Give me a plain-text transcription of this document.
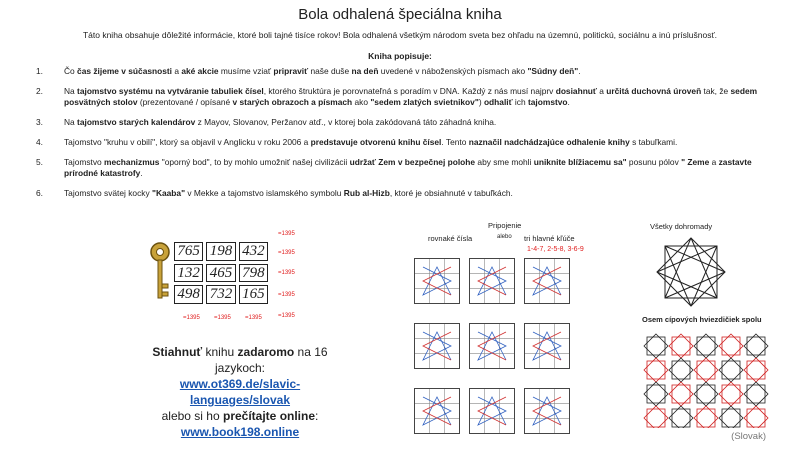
Bola odhalená špeciálna kniha
Táto kniha obsahuje dôležité informácie, ktoré boli tajné tisíce rokov! Bola odhalená všetkým národom sveta bez ohľadu na územnú, politickú, sociálnu a inú príslušnosť.
Kniha popisuje:
1.	Čo čas žijeme v súčasnosti a aké akcie musíme vziať pripraviť naše duše na deň uvedené v náboženských písmach ako "Súdny deň".
2.	Na tajomstvo systému na vytváranie tabuliek čísel, ktorého štruktúra je porovnateľná s poradím v DNA. Každý z nás musí najprv dosiahnuť a určitá duchovná úroveň tak, že sedem posvätných stolov (prezentované / opísané v starých obrazoch a písmach ako "sedem zlatých svietnikov") odhaliť ich tajomstvo.
3.	Na tajomstvo starých kalendárov z Mayov, Slovanov, Peržanov atď., v ktorej bola zakódovaná táto záhadná kniha.
4.	Tajomstvo "kruhu v obilí", ktorý sa objavil v Anglicku v roku 2006 a predstavuje otvorenú knihu čísel. Tento naznačil nadchádzajúce odhalenie knihy s tabuľkami.
5.	Tajomstvo mechanizmus "oporný bod", to by mohlo umožniť našej civilizácii udržať Zem v bezpečnej polohe aby sme mohli uniknite blížiacemu sa" posunu pólov " Zeme a zastavte prírodné katastrofy.
6.	Tajomstvo svätej kocky "Kaaba" v Mekke a tajomstvo islamského symbolu Rub al-Hizb, ktoré je obsiahnuté v tabuľkách.
765 198 432
132 465 798
498 732 165
=1395
=1395
=1395
=1395
=1395
=1395 =1395 =1395
Stiahnuť knihu zadaromo na 16 jazykoch:
www.ot369.de/slavic-languages/slovak
alebo si ho prečítajte online:
www.book198.online
Pripojenie
rovnaké čísla	alebo tri hlavné kľúče
1-4-7, 2-5-8, 3-6-9
Všetky dohromady
Osem cípových hviezdičiek spolu
(Slovak)
